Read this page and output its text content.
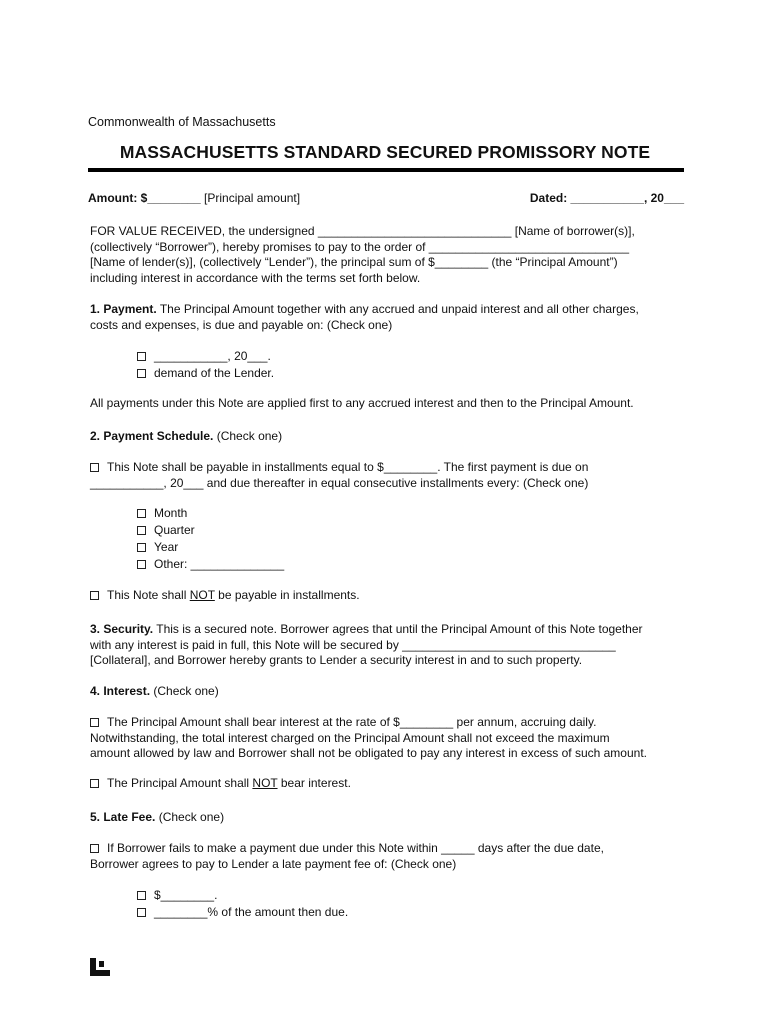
Commonwealth of Massachusetts
MASSACHUSETTS STANDARD SECURED PROMISSORY NOTE
Amount: $________ [Principal amount]	Dated: ___________, 20___

FOR VALUE RECEIVED, the undersigned _____________________________ [Name of borrower(s)],

(collectively “Borrower”), hereby promises to pay to the order of ______________________________

[Name of lender(s)], (collectively “Lender”), the principal sum of $________ (the “Principal Amount”)

including interest in accordance with the terms set forth below.

1. Payment. The Principal Amount together with any accrued and unpaid interest and all other charges,

costs and expenses, is due and payable on: (Check one)

___________, 20___.
demand of the Lender.

All payments under this Note are applied first to any accrued interest and then to the Principal Amount.

2. Payment Schedule. (Check one)

This Note shall be payable in installments equal to $________. The first payment is due on

___________, 20___ and due thereafter in equal consecutive installments every: (Check one)

Month
Quarter
Year
Other: ______________

This Note shall NOT be payable in installments.

3. Security. This is a secured note. Borrower agrees that until the Principal Amount of this Note together

with any interest is paid in full, this Note will be secured by ________________________________

[Collateral], and Borrower hereby grants to Lender a security interest in and to such property.

4. Interest. (Check one)

The Principal Amount shall bear interest at the rate of $________ per annum, accruing daily.

Notwithstanding, the total interest charged on the Principal Amount shall not exceed the maximum

amount allowed by law and Borrower shall not be obligated to pay any interest in excess of such amount.

The Principal Amount shall NOT bear interest.

5. Late Fee. (Check one)

If Borrower fails to make a payment due under this Note within _____ days after the due date,

Borrower agrees to pay to Lender a late payment fee of: (Check one)

$________.
________% of the amount then due.
